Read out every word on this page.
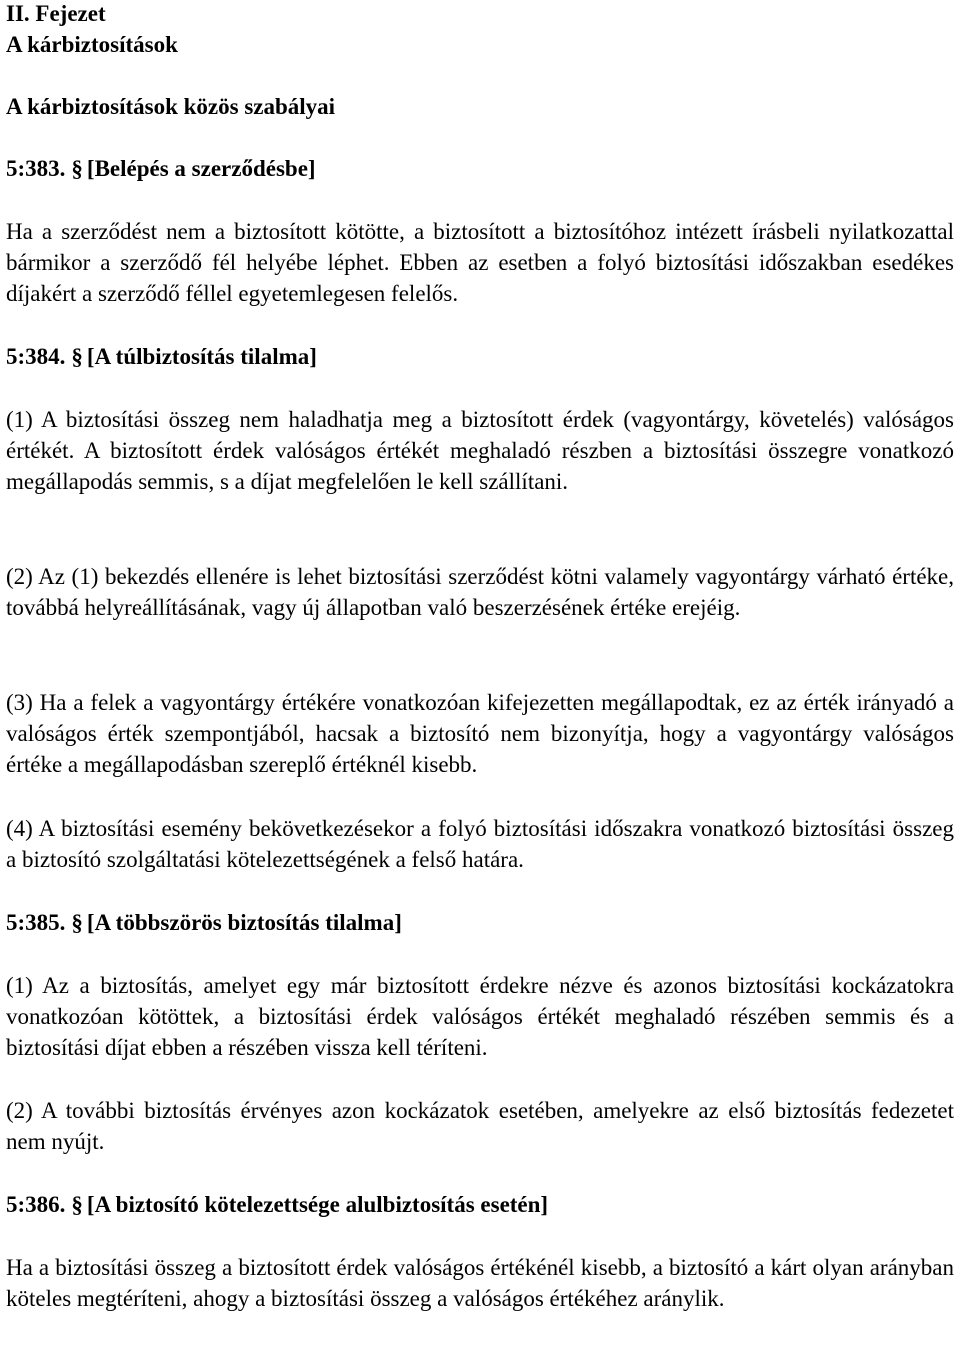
II. Fejezet
A kárbiztosítások
A kárbiztosítások közös szabályai
5:383. § [Belépés a szerződésbe]

Ha a szerződést nem a biztosított kötötte, a biztosított a biztosítóhoz intézett írásbeli nyilatkozattal bármikor a szerződő fél helyébe léphet. Ebben az esetben a folyó biztosítási időszakban esedékes díjakért a szerződő féllel egyetemlegesen felelős.

5:384. § [A túlbiztosítás tilalma]

(1) A biztosítási összeg nem haladhatja meg a biztosított érdek (vagyontárgy, követelés) valóságos értékét. A biztosított érdek valóságos értékét meghaladó részben a biztosítási összegre vonatkozó megállapodás semmis, s a díjat megfelelően le kell szállítani.

(2) Az (1) bekezdés ellenére is lehet biztosítási szerződést kötni valamely vagyontárgy várható értéke, továbbá helyreállításának, vagy új állapotban való beszerzésének értéke erejéig.

(3) Ha a felek a vagyontárgy értékére vonatkozóan kifejezetten megállapodtak, ez az érték irányadó a valóságos érték szempontjából, hacsak a biztosító nem bizonyítja, hogy a vagyontárgy valóságos értéke a megállapodásban szereplő értéknél kisebb.

(4) A biztosítási esemény bekövetkezésekor a folyó biztosítási időszakra vonatkozó biztosítási összeg a biztosító szolgáltatási kötelezettségének a felső határa.

5:385. § [A többszörös biztosítás tilalma]

(1) Az a biztosítás, amelyet egy már biztosított érdekre nézve és azonos biztosítási kockázatokra vonatkozóan kötöttek, a biztosítási érdek valóságos értékét meghaladó részében semmis és a biztosítási díjat ebben a részében vissza kell téríteni.

(2) A további biztosítás érvényes azon kockázatok esetében, amelyekre az első biztosítás fedezetet nem nyújt.

5:386. § [A biztosító kötelezettsége alulbiztosítás esetén]

Ha a biztosítási összeg a biztosított érdek valóságos értékénél kisebb, a biztosító a kárt olyan arányban köteles megtéríteni, ahogy a biztosítási összeg a valóságos értékéhez aránylik.
